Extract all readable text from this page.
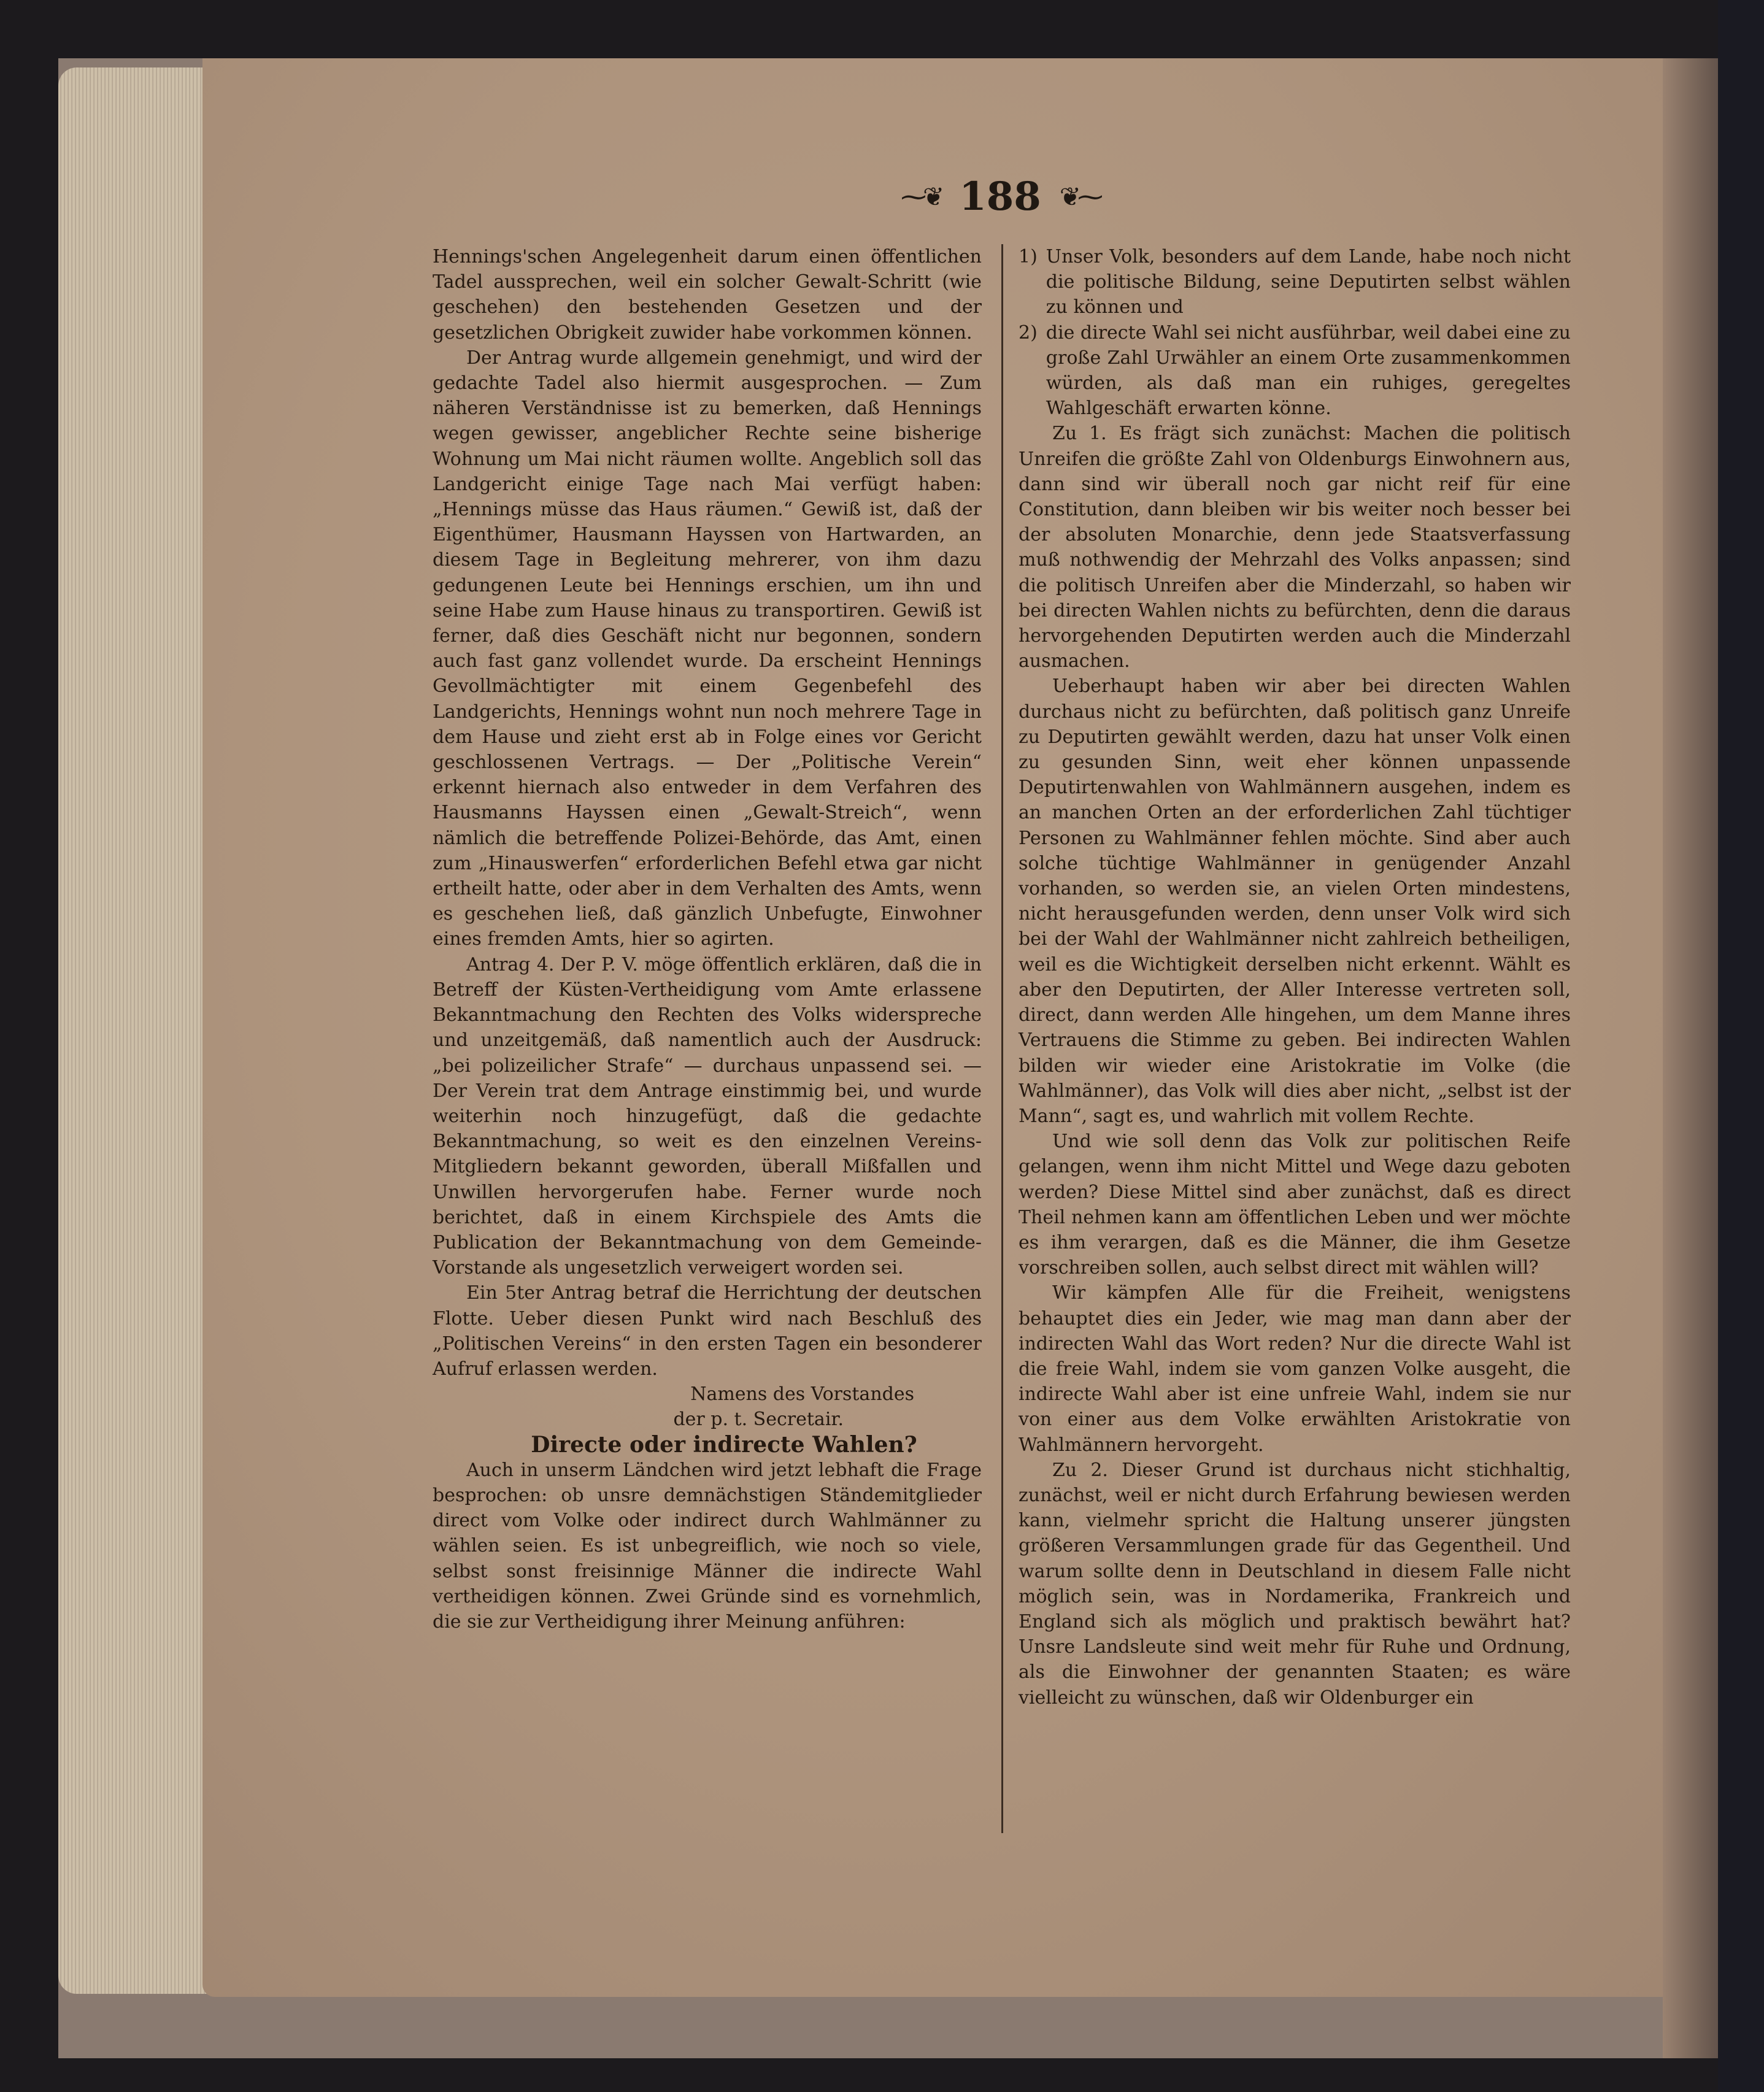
⁓❦ 188 ❦⁓

Hennings'schen Angelegenheit darum einen öffentlichen Tadel aussprechen, weil ein solcher Gewalt-Schritt (wie geschehen) den bestehenden Gesetzen und der gesetzlichen Obrigkeit zuwider habe vorkommen können.

Der Antrag wurde allgemein genehmigt, und wird der gedachte Tadel also hiermit ausgesprochen. — Zum näheren Verständnisse ist zu bemerken, daß Hennings wegen gewisser, angeblicher Rechte seine bisherige Wohnung um Mai nicht räumen wollte. Angeblich soll das Landgericht einige Tage nach Mai verfügt haben: „Hennings müsse das Haus räumen.“ Gewiß ist, daß der Eigenthümer, Hausmann Hayssen von Hartwarden, an diesem Tage in Begleitung mehrerer, von ihm dazu gedungenen Leute bei Hennings erschien, um ihn und seine Habe zum Hause hinaus zu transportiren. Gewiß ist ferner, daß dies Geschäft nicht nur begonnen, sondern auch fast ganz vollendet wurde. Da erscheint Hennings Gevollmächtigter mit einem Gegenbefehl des Landgerichts, Hennings wohnt nun noch mehrere Tage in dem Hause und zieht erst ab in Folge eines vor Gericht geschlossenen Vertrags. — Der „Politische Verein“ erkennt hiernach also entweder in dem Verfahren des Hausmanns Hayssen einen „Gewalt-Streich“, wenn nämlich die betreffende Polizei-Behörde, das Amt, einen zum „Hinauswerfen“ erforderlichen Befehl etwa gar nicht ertheilt hatte, oder aber in dem Verhalten des Amts, wenn es geschehen ließ, daß gänzlich Unbefugte, Einwohner eines fremden Amts, hier so agirten.

Antrag 4. Der P. V. möge öffentlich erklären, daß die in Betreff der Küsten-Vertheidigung vom Amte erlassene Bekanntmachung den Rechten des Volks widerspreche und unzeitgemäß, daß namentlich auch der Ausdruck: „bei polizeilicher Strafe“ — durchaus unpassend sei. — Der Verein trat dem Antrage einstimmig bei, und wurde weiterhin noch hinzugefügt, daß die gedachte Bekanntmachung, so weit es den einzelnen Vereins-Mitgliedern bekannt geworden, überall Mißfallen und Unwillen hervorgerufen habe. Ferner wurde noch berichtet, daß in einem Kirchspiele des Amts die Publication der Bekanntmachung von dem Gemeinde-Vorstande als ungesetzlich verweigert worden sei.

Ein 5ter Antrag betraf die Herrichtung der deutschen Flotte. Ueber diesen Punkt wird nach Beschluß des „Politischen Vereins“ in den ersten Tagen ein besonderer Aufruf erlassen werden.

Namens des Vorstandes

der p. t. Secretair.

Directe oder indirecte Wahlen?

Auch in unserm Ländchen wird jetzt lebhaft die Frage besprochen: ob unsre demnächstigen Ständemitglieder direct vom Volke oder indirect durch Wahlmänner zu wählen seien. Es ist unbegreiflich, wie noch so viele, selbst sonst freisinnige Männer die indirecte Wahl vertheidigen können. Zwei Gründe sind es vornehmlich, die sie zur Vertheidigung ihrer Meinung anführen:

1) Unser Volk, besonders auf dem Lande, habe noch nicht die politische Bildung, seine Deputirten selbst wählen zu können und
2) die directe Wahl sei nicht ausführbar, weil dabei eine zu große Zahl Urwähler an einem Orte zusammenkommen würden, als daß man ein ruhiges, geregeltes Wahlgeschäft erwarten könne.

Zu 1. Es frägt sich zunächst: Machen die politisch Unreifen die größte Zahl von Oldenburgs Einwohnern aus, dann sind wir überall noch gar nicht reif für eine Constitution, dann bleiben wir bis weiter noch besser bei der absoluten Monarchie, denn jede Staatsverfassung muß nothwendig der Mehrzahl des Volks anpassen; sind die politisch Unreifen aber die Minderzahl, so haben wir bei directen Wahlen nichts zu befürchten, denn die daraus hervorgehenden Deputirten werden auch die Minderzahl ausmachen.

Ueberhaupt haben wir aber bei directen Wahlen durchaus nicht zu befürchten, daß politisch ganz Unreife zu Deputirten gewählt werden, dazu hat unser Volk einen zu gesunden Sinn, weit eher können unpassende Deputirtenwahlen von Wahlmännern ausgehen, indem es an manchen Orten an der erforderlichen Zahl tüchtiger Personen zu Wahlmänner fehlen möchte. Sind aber auch solche tüchtige Wahlmänner in genügender Anzahl vorhanden, so werden sie, an vielen Orten mindestens, nicht herausgefunden werden, denn unser Volk wird sich bei der Wahl der Wahlmänner nicht zahlreich betheiligen, weil es die Wichtigkeit derselben nicht erkennt. Wählt es aber den Deputirten, der Aller Interesse vertreten soll, direct, dann werden Alle hingehen, um dem Manne ihres Vertrauens die Stimme zu geben. Bei indirecten Wahlen bilden wir wieder eine Aristokratie im Volke (die Wahlmänner), das Volk will dies aber nicht, „selbst ist der Mann“, sagt es, und wahrlich mit vollem Rechte.

Und wie soll denn das Volk zur politischen Reife gelangen, wenn ihm nicht Mittel und Wege dazu geboten werden? Diese Mittel sind aber zunächst, daß es direct Theil nehmen kann am öffentlichen Leben und wer möchte es ihm verargen, daß es die Männer, die ihm Gesetze vorschreiben sollen, auch selbst direct mit wählen will?

Wir kämpfen Alle für die Freiheit, wenigstens behauptet dies ein Jeder, wie mag man dann aber der indirecten Wahl das Wort reden? Nur die directe Wahl ist die freie Wahl, indem sie vom ganzen Volke ausgeht, die indirecte Wahl aber ist eine unfreie Wahl, indem sie nur von einer aus dem Volke erwählten Aristokratie von Wahlmännern hervorgeht.

Zu 2. Dieser Grund ist durchaus nicht stichhaltig, zunächst, weil er nicht durch Erfahrung bewiesen werden kann, vielmehr spricht die Haltung unserer jüngsten größeren Versammlungen grade für das Gegentheil. Und warum sollte denn in Deutschland in diesem Falle nicht möglich sein, was in Nordamerika, Frankreich und England sich als möglich und praktisch bewährt hat? Unsre Landsleute sind weit mehr für Ruhe und Ordnung, als die Einwohner der genannten Staaten; es wäre vielleicht zu wünschen, daß wir Oldenburger ein
